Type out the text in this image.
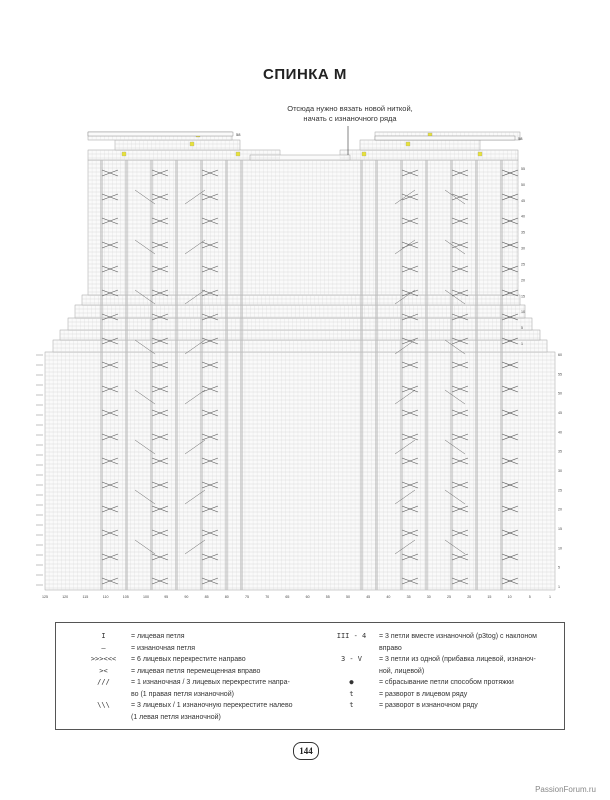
СПИНКА М
Отсюда нужно вязать новой ниткой,
начать с изнаночного ряда
58
58
125	120	115	110	105	100	95	90	85	80	75	70	65	60	55	50	45	40	35	30	25	20	15	10	5	1
1
5
10
15
20
25
30
35
40
45
50
55
60
1
5
10
15
20
25
30
35
40
45
50
55
I	= лицевая петля
–	= изнаночная петля
>>><<<	= 6 лицевых перекрестите направо
><	= лицевая петля перемещенная вправо
///	= 1 изнаночная / 3 лицевых перекрестите напра-
во (1 правая петля изнаночной)
\\\	= 3 лицевых / 1 изнаночную перекрестите налево
(1 левая петля изнаночной)
III - 4	= 3 петли вместе изнаночной (p3tog) с наклоном
вправо
3 - V	= 3 петли из одной (прибавка лицевой, изнаноч-
ной, лицевой)
●	= сбрасывание петли способом протяжки
t	= разворот в лицевом ряду
t	= разворот в изнаночном ряду
144
PassionForum.ru
